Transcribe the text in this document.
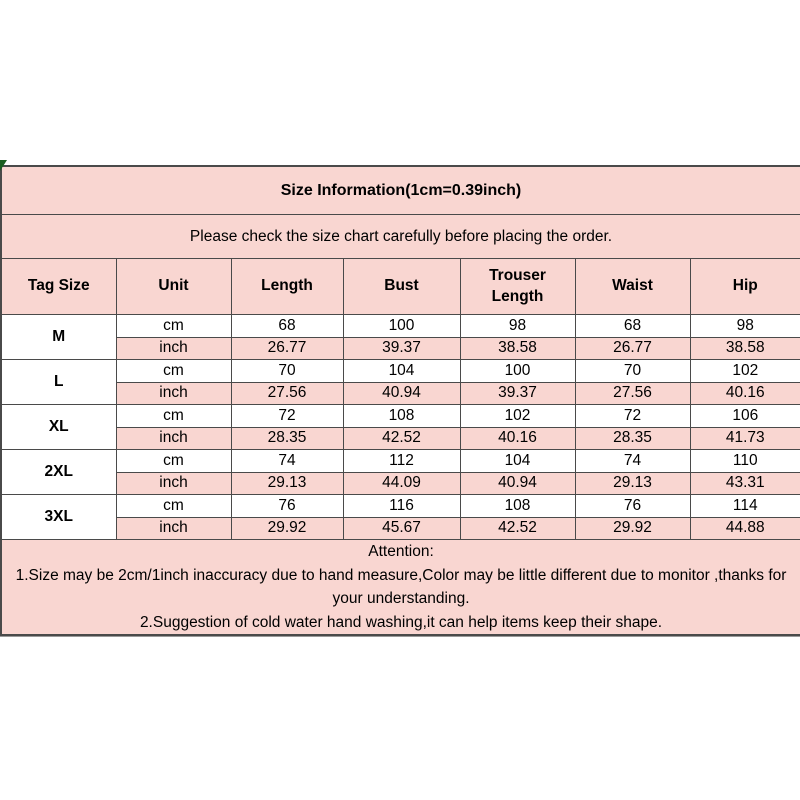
Size Information(1cm=0.39inch)						
Please check the size chart carefully before placing the order.						
Tag Size	Unit	Length	Bust	Trouser Length	Waist	Hip
M	cm	68	100	98	68	98
	inch	26.77	39.37	38.58	26.77	38.58
L	cm	70	104	100	70	102
	inch	27.56	40.94	39.37	27.56	40.16
XL	cm	72	108	102	72	106
	inch	28.35	42.52	40.16	28.35	41.73
2XL	cm	74	112	104	74	110
	inch	29.13	44.09	40.94	29.13	43.31
3XL	cm	76	116	108	76	114
	inch	29.92	45.67	42.52	29.92	44.88

Attention:
1.Size may be 2cm/1inch inaccuracy due to hand measure,Color may be little different due to monitor ,thanks for your understanding.
2.Suggestion of cold water hand washing,it can help items keep their shape.						
